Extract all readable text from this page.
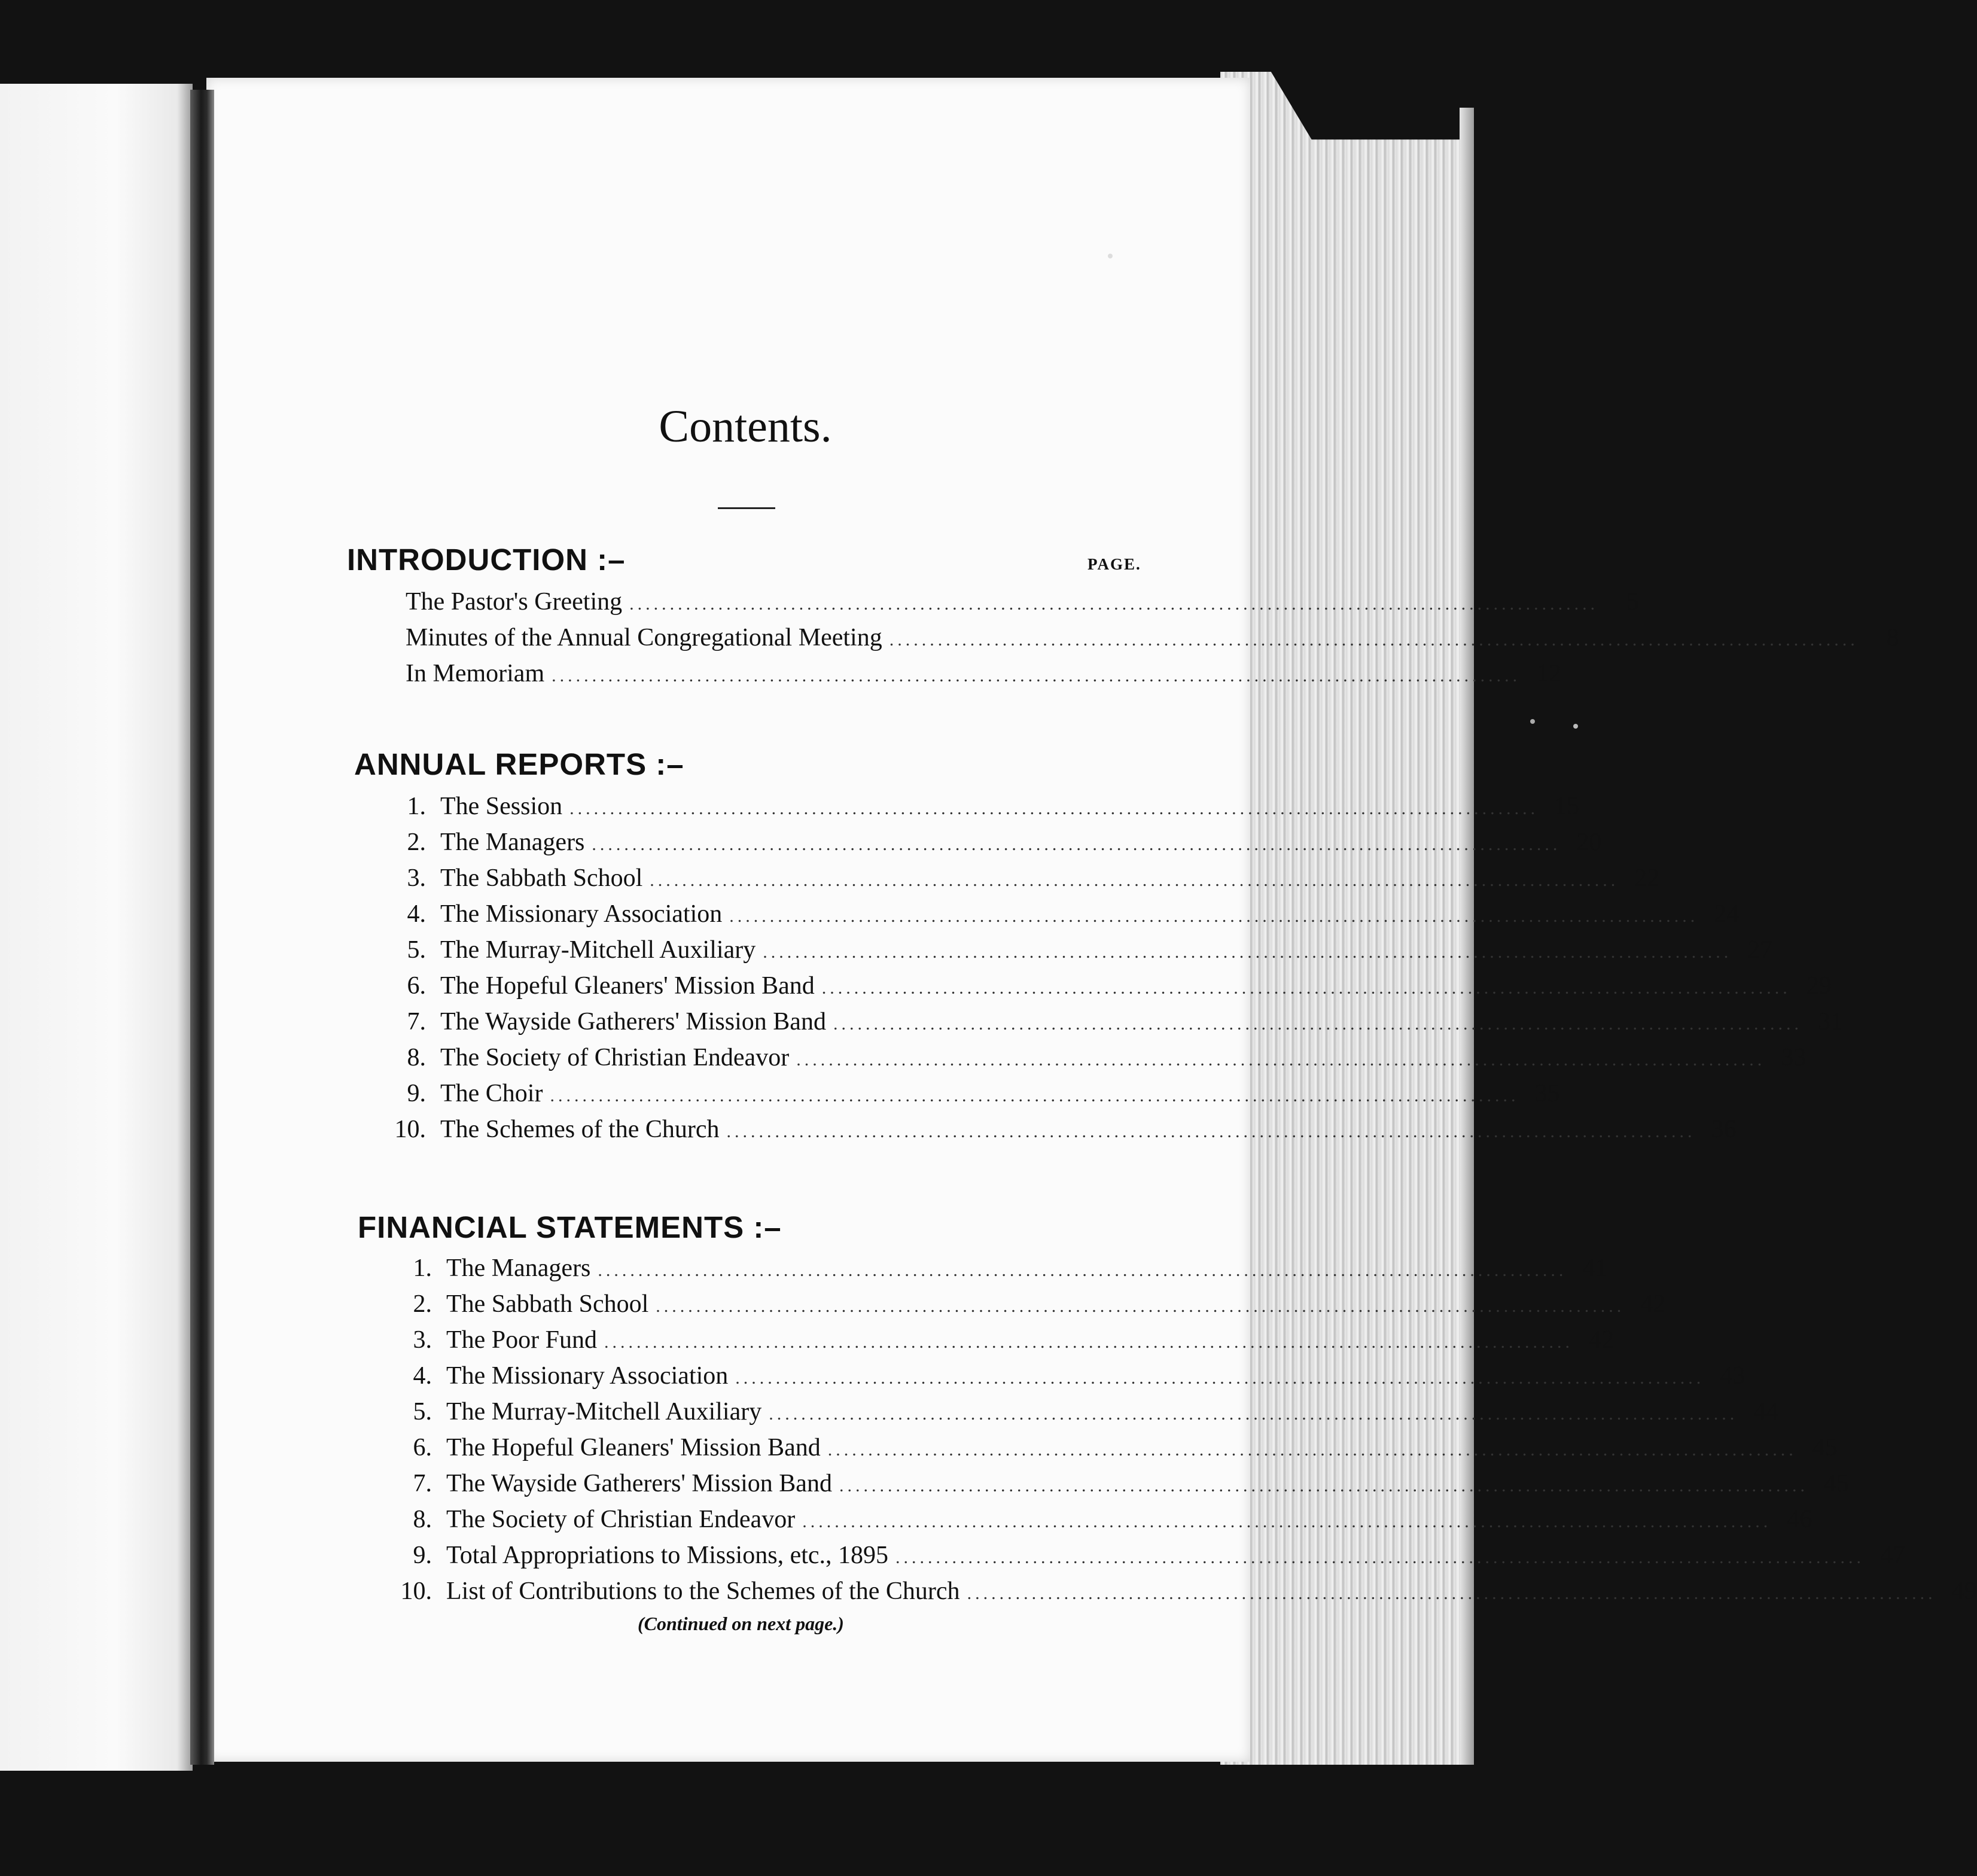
Contents.
PAGE.
INTRODUCTION :–
ANNUAL REPORTS :–
FINANCIAL STATEMENTS :–
The Pastor's Greeting ........................................................................................................................	5
Minutes of the Annual Congregational Meeting ........................................................................................................................	8
In Memoriam ........................................................................................................................ 12
1. The Session ........................................................................................................................ 15
2. The Managers ........................................................................................................................ 20
3. The Sabbath School ........................................................................................................................ 22
4. The Missionary Association ........................................................................................................................ 24
5. The Murray-Mitchell Auxiliary ........................................................................................................................ 27
6. The Hopeful Gleaners' Mission Band ........................................................................................................................ 29
7. The Wayside Gatherers' Mission Band ........................................................................................................................ 31
8. The Society of Christian Endeavor ........................................................................................................................ 33
9. The Choir ........................................................................................................................ 35
10. The Schemes of the Church ........................................................................................................................ 36
1. The Managers ........................................................................................................................ 41
2. The Sabbath School ........................................................................................................................ 42
3. The Poor Fund ........................................................................................................................ 42
4. The Missionary Association ........................................................................................................................ 43
5. The Murray-Mitchell Auxiliary ........................................................................................................................ 44
6. The Hopeful Gleaners' Mission Band ........................................................................................................................ 45
7. The Wayside Gatherers' Mission Band ........................................................................................................................ 45
8. The Society of Christian Endeavor ........................................................................................................................ 46
9. Total Appropriations to Missions, etc., 1895 ........................................................................................................................ 47
10. List of Contributions to the Schemes of the Church ........................................................................................................................ 49
(Continued on next page.)
